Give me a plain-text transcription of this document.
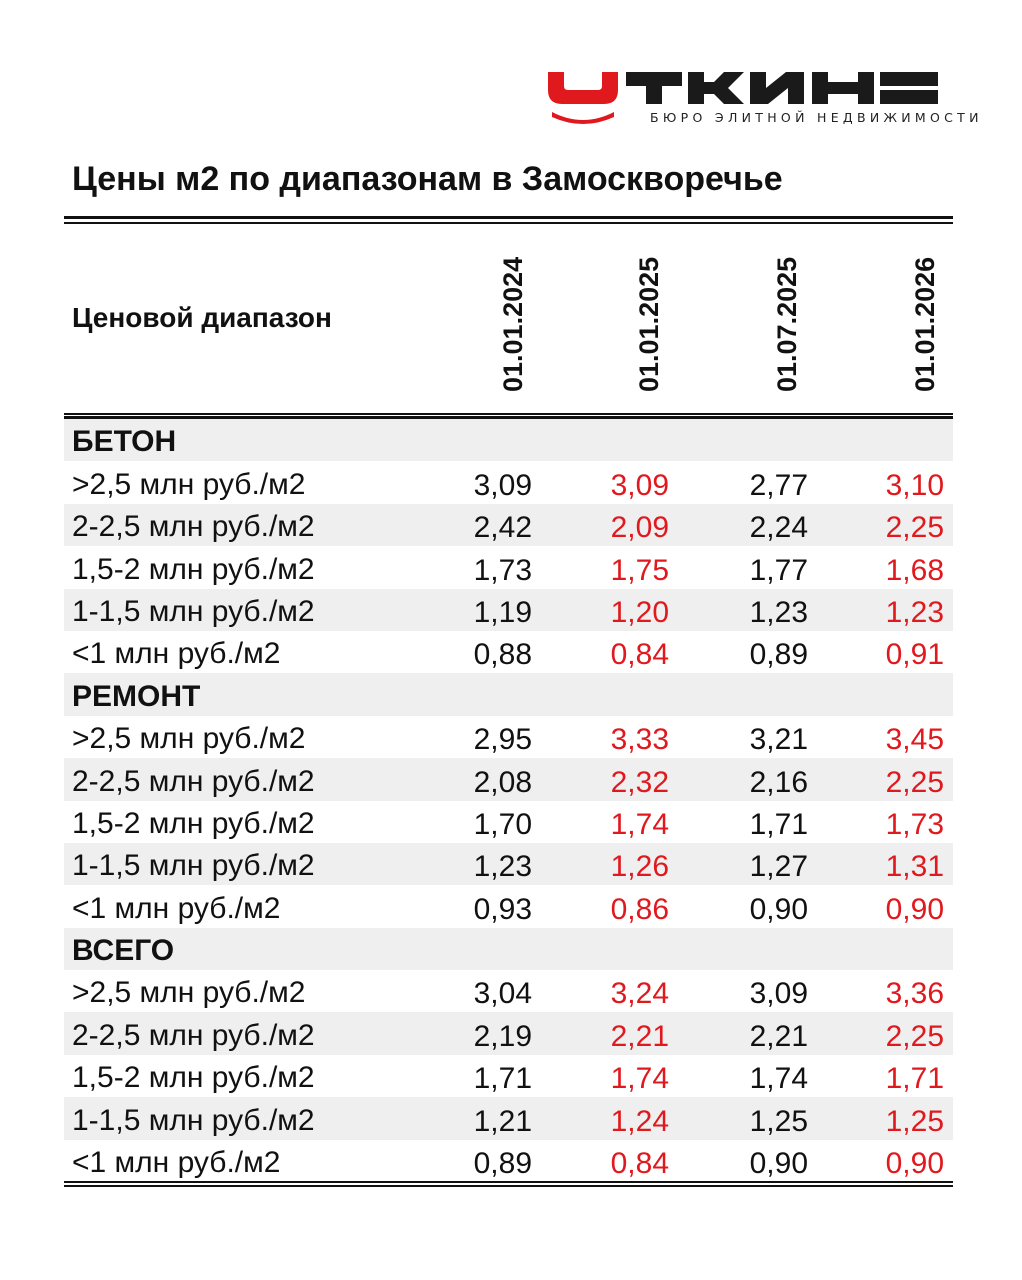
БЮРО ЭЛИТНОЙ НЕДВИЖИМОСТИ
Цены м2 по диапазонам в Замоскворечье
Ценовой диапазон	01.01.2024	01.01.2025	01.07.2025	01.01.2026
БЕТОН
>2,5 млн руб./м2	3,09	3,09	2,77	3,10
2-2,5 млн руб./м2	2,42	2,09	2,24	2,25
1,5-2 млн руб./м2	1,73	1,75	1,77	1,68
1-1,5 млн руб./м2	1,19	1,20	1,23	1,23
<1 млн руб./м2	0,88	0,84	0,89	0,91
РЕМОНТ
>2,5 млн руб./м2	2,95	3,33	3,21	3,45
2-2,5 млн руб./м2	2,08	2,32	2,16	2,25
1,5-2 млн руб./м2	1,70	1,74	1,71	1,73
1-1,5 млн руб./м2	1,23	1,26	1,27	1,31
<1 млн руб./м2	0,93	0,86	0,90	0,90
ВСЕГО
>2,5 млн руб./м2	3,04	3,24	3,09	3,36
2-2,5 млн руб./м2	2,19	2,21	2,21	2,25
1,5-2 млн руб./м2	1,71	1,74	1,74	1,71
1-1,5 млн руб./м2	1,21	1,24	1,25	1,25
<1 млн руб./м2	0,89	0,84	0,90	0,90
